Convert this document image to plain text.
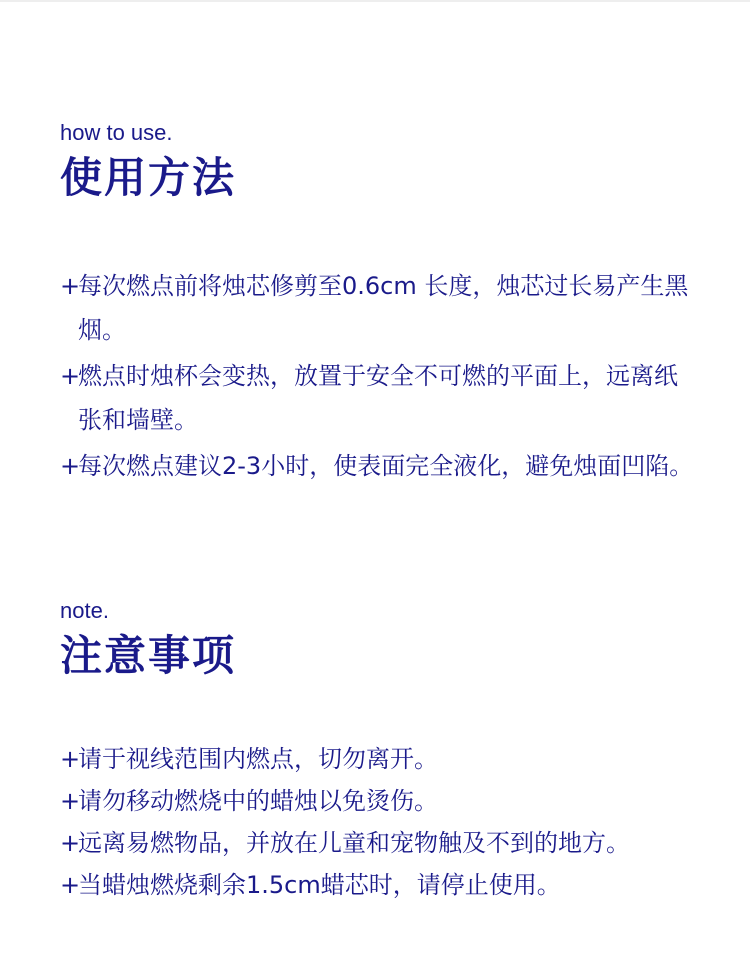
how to use.

使用方法
+
每次燃点前将烛芯修剪至0.6cm 长度，烛芯过长易产生黑烟。
+
燃点时烛杯会变热，放置于安全不可燃的平面上，远离纸张和墙壁。
+
每次燃点建议2-3小时，使表面完全液化，避免烛面凹陷。

note.

注意事项
+
请于视线范围内燃点，切勿离开。
+
请勿移动燃烧中的蜡烛以免烫伤。
+
远离易燃物品，并放在儿童和宠物触及不到的地方。
+
当蜡烛燃烧剩余1.5cm蜡芯时，请停止使用。
